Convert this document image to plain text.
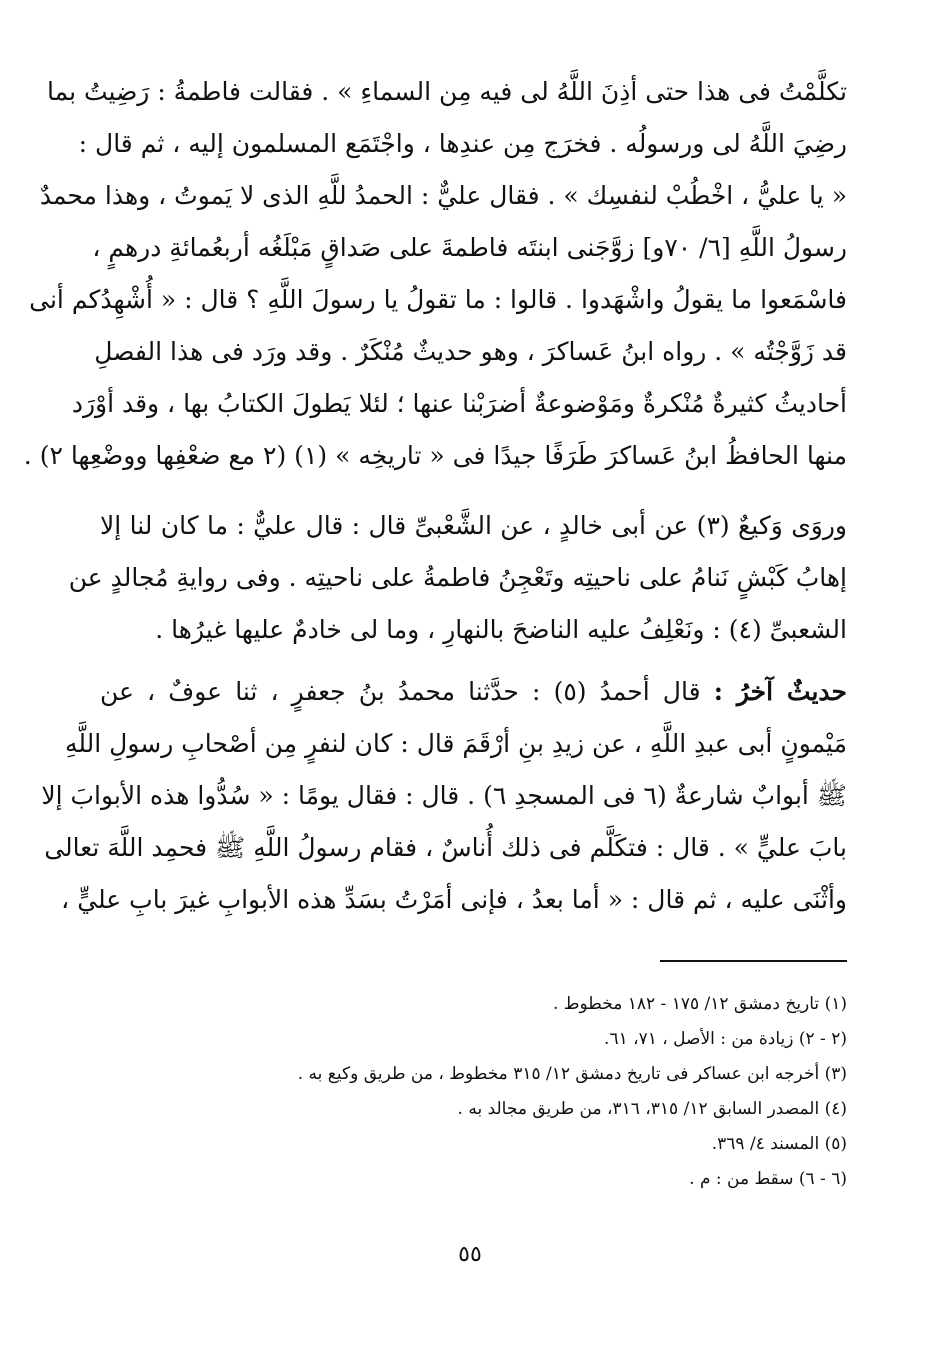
تكلَّمْتُ فى هذا حتى أذِنَ اللَّهُ لى فيه مِن السماءِ » . فقالت فاطمةُ : رَضِيتُ بما
رضِيَ اللَّهُ لى ورسولُه . فخرَج مِن عندِها ، واجْتَمَع المسلمون إليه ، ثم قال :
« يا عليُّ ، اخْطُبْ لنفسِك » . فقال عليٌّ : الحمدُ للَّهِ الذى لا يَموتُ ، وهذا محمدٌ
رسولُ اللَّهِ [٦/ ٧٠و] زوَّجَنى ابنتَه فاطمةَ على صَداقٍ مَبْلَغُه أربعُمائةِ درهمٍ ،
فاسْمَعوا ما يقولُ واشْهَدوا . قالوا : ما تقولُ يا رسولَ اللَّهِ ؟ قال : « أُشْهِدُكم أنى
قد زَوَّجْتُه » . رواه ابنُ عَساكرَ ، وهو حديثٌ مُنْكَرٌ . وقد ورَد فى هذا الفصلِ
أحاديثُ كثيرةٌ مُنْكرةٌ ومَوْضوعةٌ أضرَبْنا عنها ؛ لئلا يَطولَ الكتابُ بها ، وقد أوْرَد
منها الحافظُ ابنُ عَساكرَ طَرَفًا جيدًا فى « تاريخِه » (١) (٢ مع ضعْفِها ووضْعِها ٢) .
وروَى وَكيعٌ (٣) عن أبى خالدٍ ، عن الشَّعْبىِّ قال : قال عليٌّ : ما كان لنا إلا
إهابُ كَبْشٍ نَنامُ على ناحيتِه وتَعْجِنُ فاطمةُ على ناحيتِه . وفى روايةِ مُجالدٍ عن
الشعبىِّ (٤) : ونَعْلِفُ عليه الناضحَ بالنهارِ ، وما لى خادمٌ عليها غيرُها .
حديثٌ آخرُ : قال أحمدُ (٥) : حدَّثنا محمدُ بنُ جعفرٍ ، ثنا عوفٌ ، عن
مَيْمونٍ أبى عبدِ اللَّهِ ، عن زيدِ بنِ أرْقَمَ قال : كان لنفرٍ مِن أصْحابِ رسولِ اللَّهِ
ﷺ أبوابٌ شارعةٌ (٦ فى المسجدِ ٦) . قال : فقال يومًا : « سُدُّوا هذه الأبوابَ إلا
بابَ عليٍّ » . قال : فتكَلَّم فى ذلك أُناسٌ ، فقام رسولُ اللَّهِ ﷺ فحمِد اللَّهَ تعالى
وأثْنَى عليه ، ثم قال : « أما بعدُ ، فإنى أمَرْتُ بسَدِّ هذه الأبوابِ غيرَ بابِ عليٍّ ،
(١) تاريخ دمشق ١٢/ ١٧٥ - ١٨٢ مخطوط .
(٢ - ٢) زيادة من : الأصل ، ٧١، ٦١.
(٣) أخرجه ابن عساكر فى تاريخ دمشق ١٢/ ٣١٥ مخطوط ، من طريق وكيع به .
(٤) المصدر السابق ١٢/ ٣١٥، ٣١٦، من طريق مجالد به .
(٥) المسند ٤/ ٣٦٩.
(٦ - ٦) سقط من : م .
٥٥
